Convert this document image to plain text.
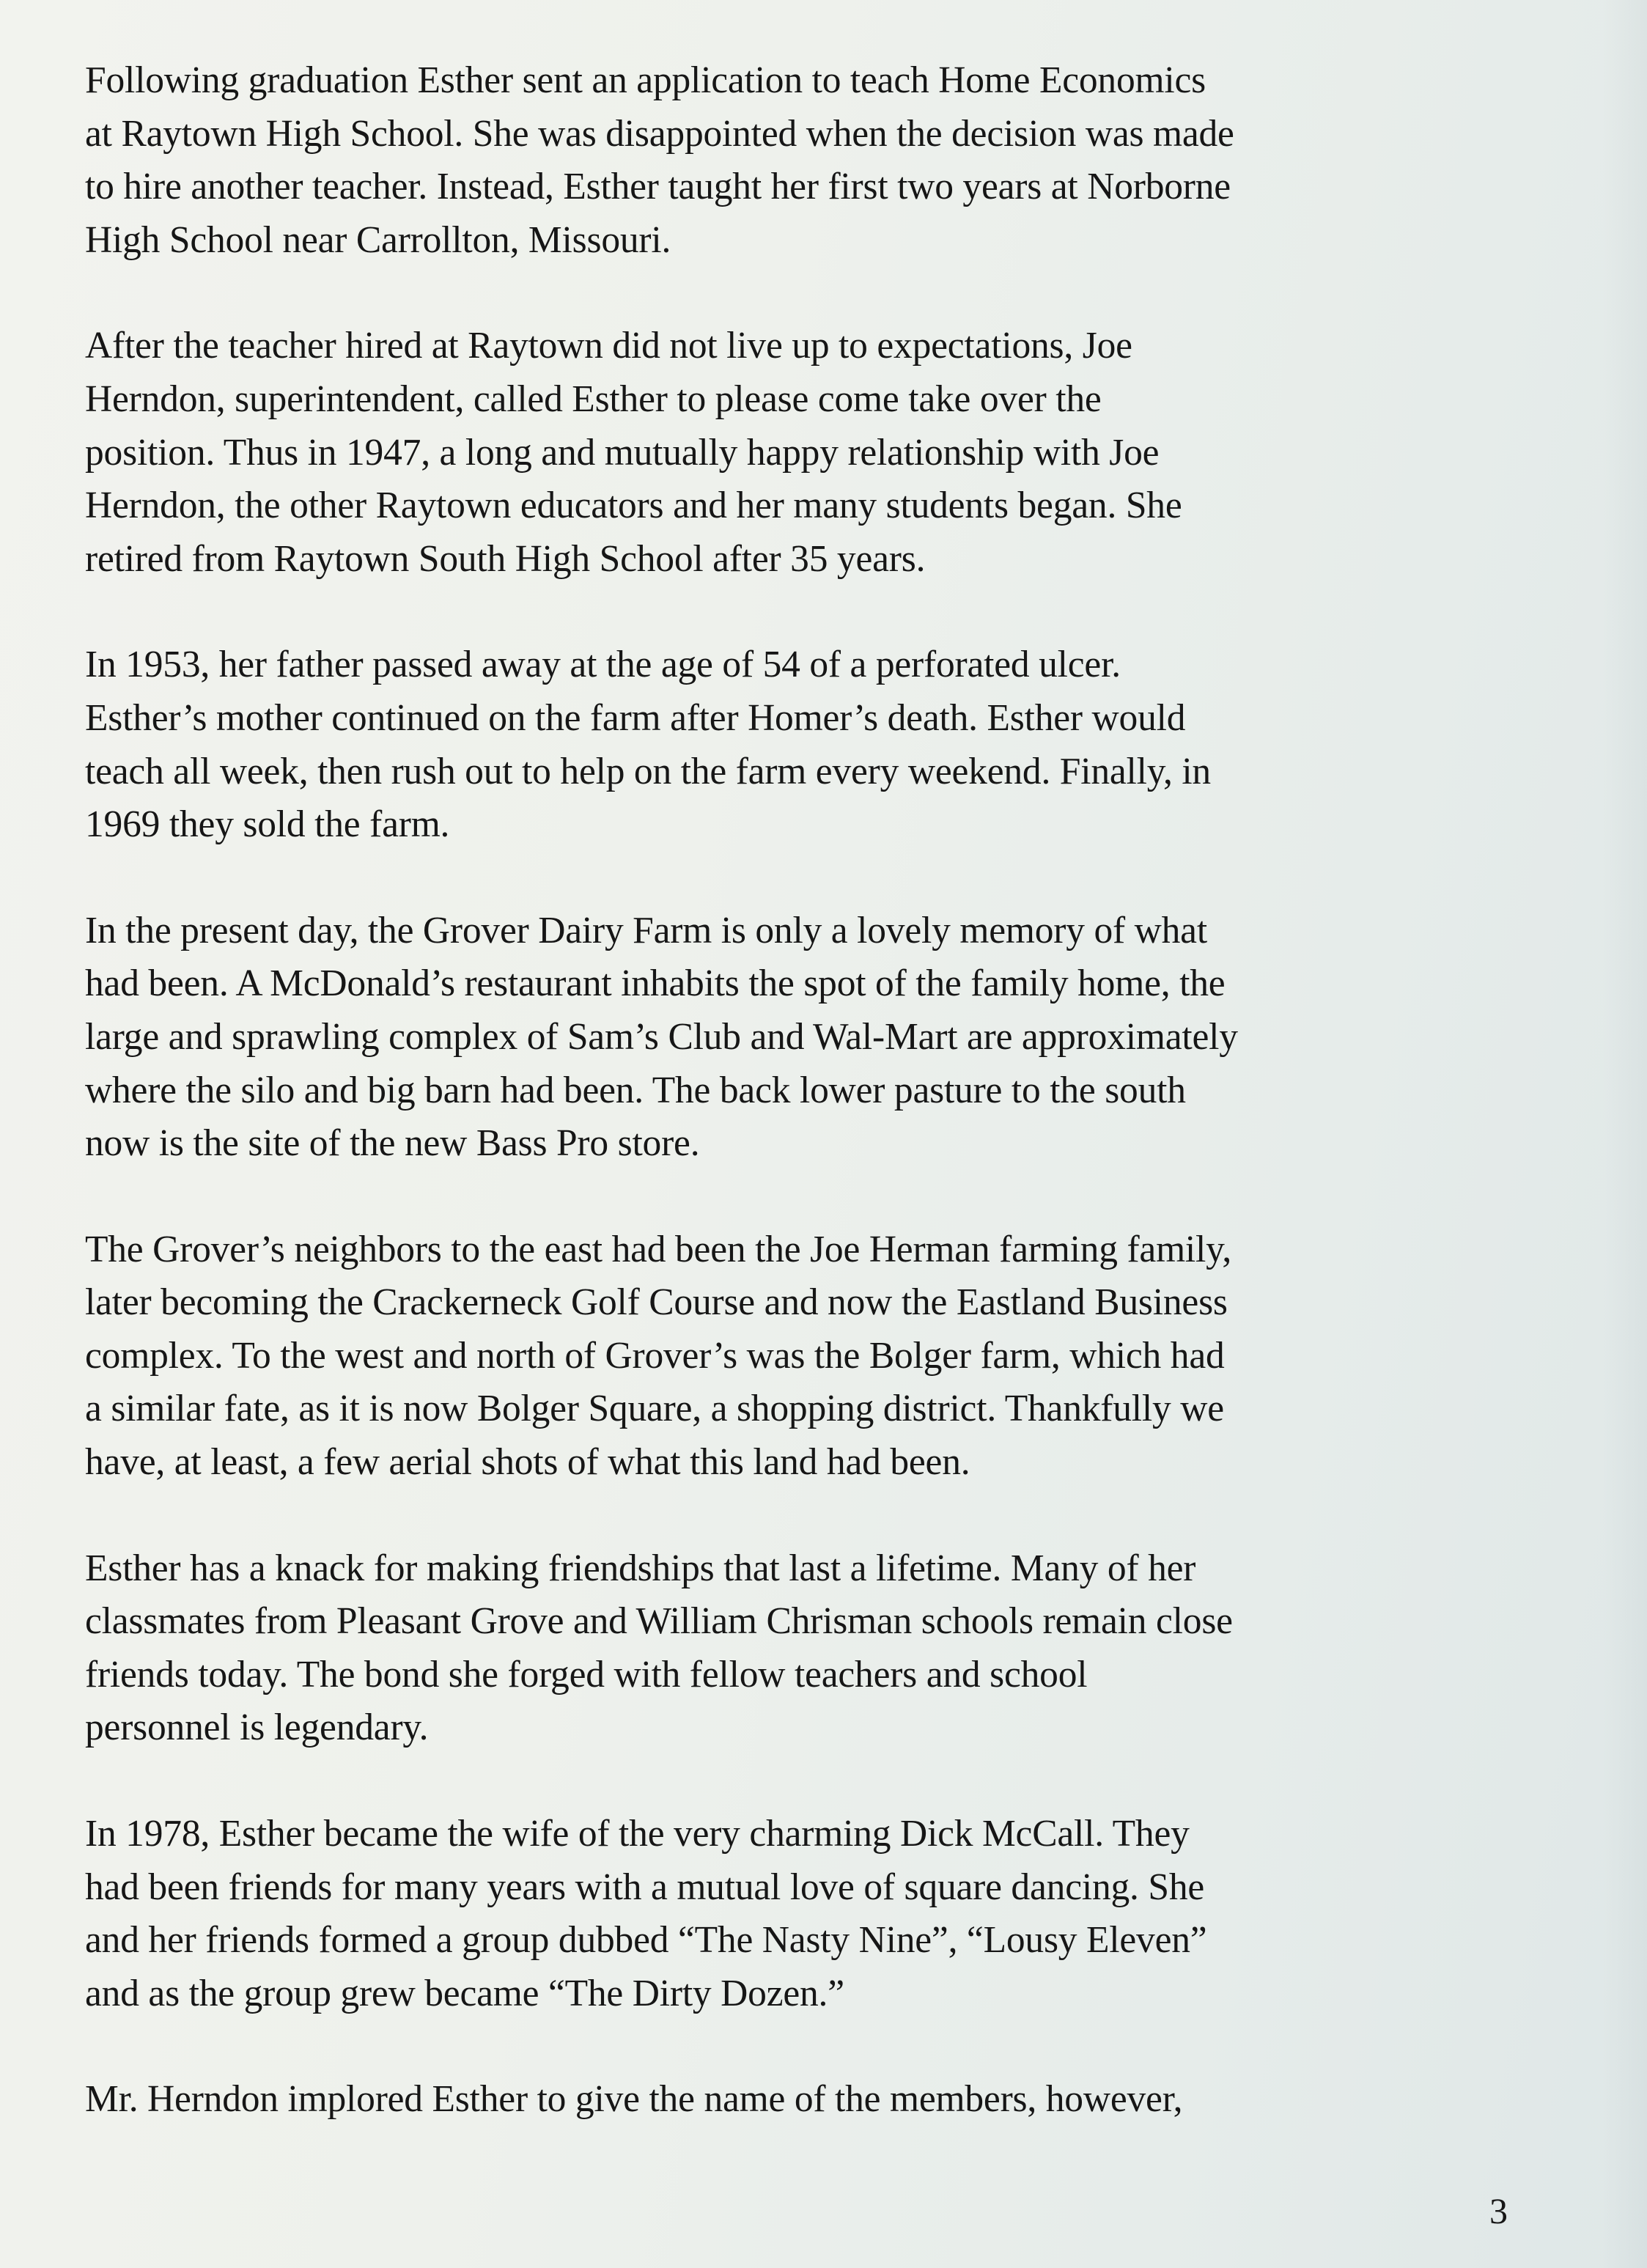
Following graduation Esther sent an application to teach Home Economics
at Raytown High School. She was disappointed when the decision was made
to hire another teacher. Instead, Esther taught her first two years at Norborne
High School near Carrollton, Missouri.

After the teacher hired at Raytown did not live up to expectations, Joe
Herndon, superintendent, called Esther to please come take over the
position. Thus in 1947, a long and mutually happy relationship with Joe
Herndon, the other Raytown educators and her many students began. She
retired from Raytown South High School after 35 years.

In 1953, her father passed away at the age of 54 of a perforated ulcer.
Esther’s mother continued on the farm after Homer’s death. Esther would
teach all week, then rush out to help on the farm every weekend. Finally, in
1969 they sold the farm.

In the present day, the Grover Dairy Farm is only a lovely memory of what
had been. A McDonald’s restaurant inhabits the spot of the family home, the
large and sprawling complex of Sam’s Club and Wal-Mart are approximately
where the silo and big barn had been. The back lower pasture to the south
now is the site of the new Bass Pro store.

The Grover’s neighbors to the east had been the Joe Herman farming family,
later becoming the Crackerneck Golf Course and now the Eastland Business
complex. To the west and north of Grover’s was the Bolger farm, which had
a similar fate, as it is now Bolger Square, a shopping district. Thankfully we
have, at least, a few aerial shots of what this land had been.

Esther has a knack for making friendships that last a lifetime. Many of her
classmates from Pleasant Grove and William Chrisman schools remain close
friends today. The bond she forged with fellow teachers and school
personnel is legendary.

In 1978, Esther became the wife of the very charming Dick McCall. They
had been friends for many years with a mutual love of square dancing. She
and her friends formed a group dubbed “The Nasty Nine”, “Lousy Eleven”
and as the group grew became “The Dirty Dozen.”

Mr. Herndon implored Esther to give the name of the members, however,

3
